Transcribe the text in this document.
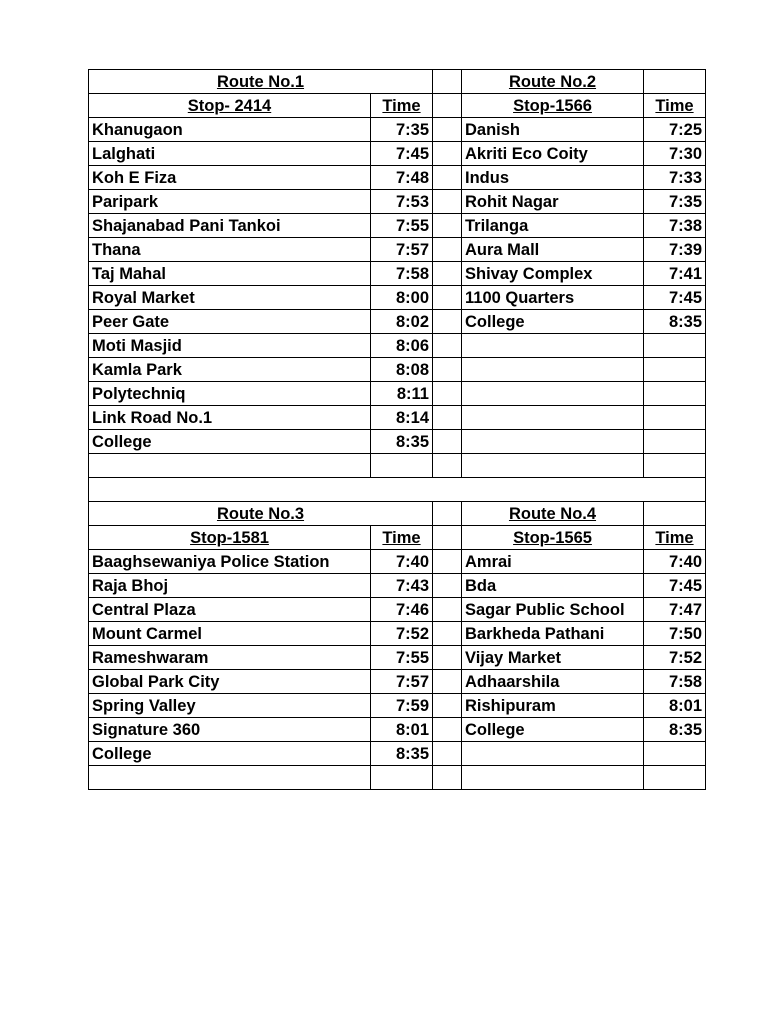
Route No.1			Route No.2	
Stop- 2414	Time		Stop-1566	Time
Khanugaon	7:35		Danish	7:25
Lalghati	7:45		Akriti Eco Coity	7:30
Koh E Fiza	7:48		Indus	7:33
Paripark	7:53		Rohit Nagar	7:35
Shajanabad Pani Tankoi	7:55		Trilanga	7:38
Thana	7:57		Aura Mall	7:39
Taj Mahal	7:58		Shivay Complex	7:41
Royal Market	8:00		1100 Quarters	7:45
Peer Gate	8:02		College	8:35
Moti Masjid	8:06			
Kamla Park	8:08			
Polytechniq	8:11			
Link Road No.1	8:14			
College	8:35			

Route No.3			Route No.4	
Stop-1581	Time		Stop-1565	Time
Baaghsewaniya Police Station	7:40		Amrai	7:40
Raja Bhoj	7:43		Bda	7:45
Central Plaza	7:46		Sagar Public School	7:47
Mount Carmel	7:52		Barkheda Pathani	7:50
Rameshwaram	7:55		Vijay Market	7:52
Global Park City	7:57		Adhaarshila	7:58
Spring Valley	7:59		Rishipuram	8:01
Signature 360	8:01		College	8:35
College	8:35			
